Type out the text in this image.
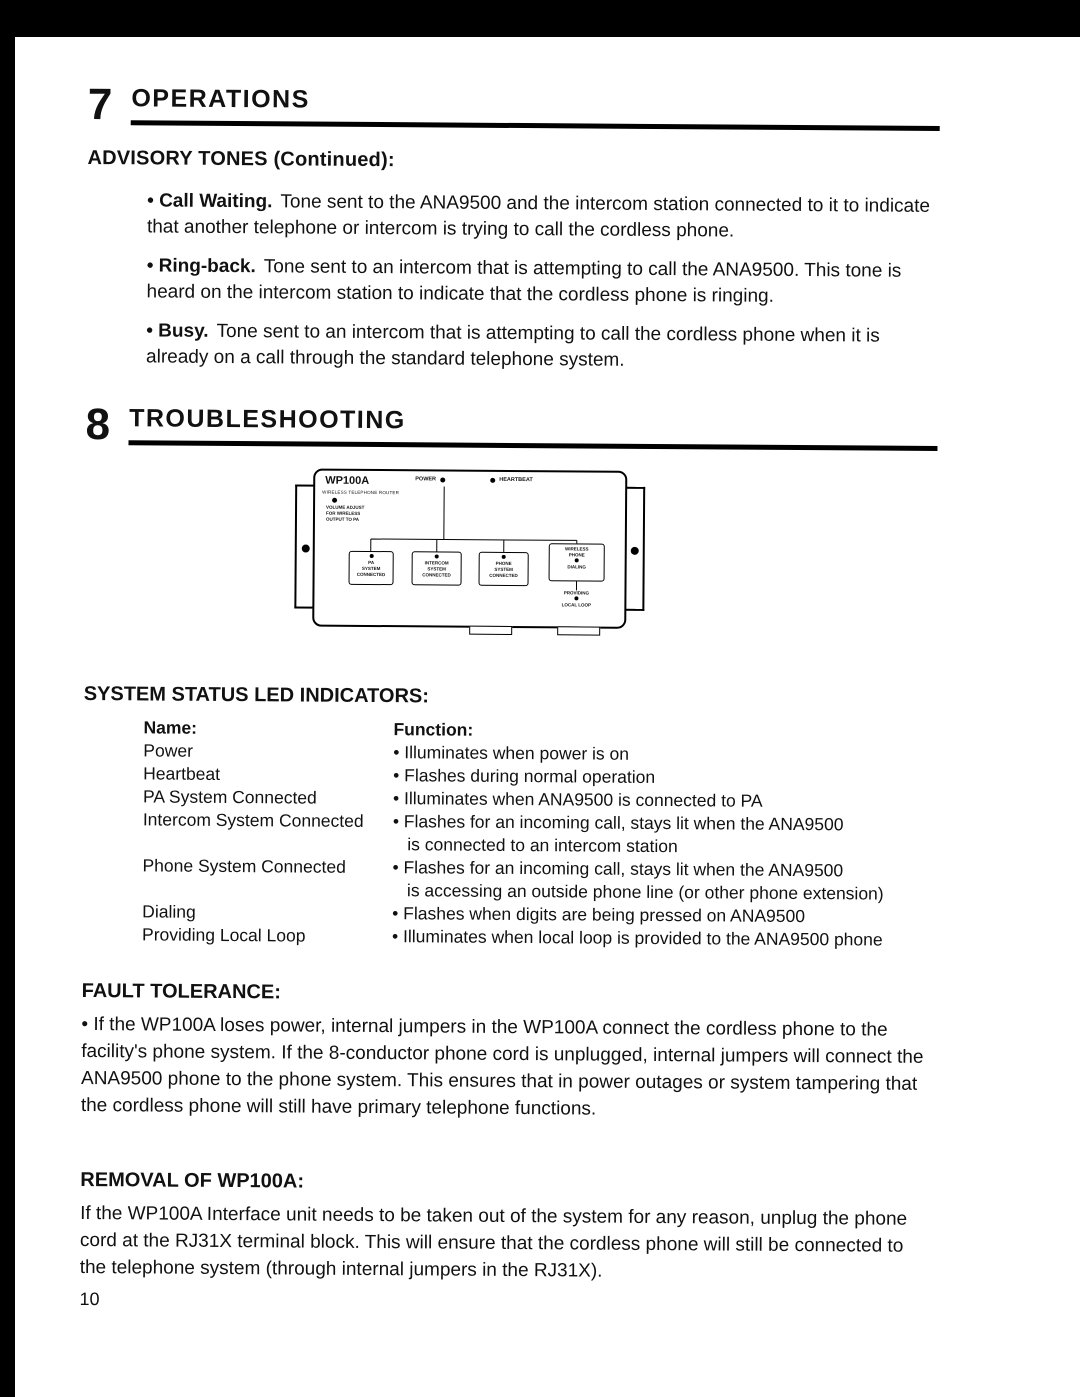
7 OPERATIONS
ADVISORY TONES (Continued):
• Call Waiting. Tone sent to the ANA9500 and the intercom station connected to it to indicate that another telephone or intercom is trying to call the cordless phone.
• Ring-back. Tone sent to an intercom that is attempting to call the ANA9500. This tone is heard on the intercom station to indicate that the cordless phone is ringing.
• Busy. Tone sent to an intercom that is attempting to call the cordless phone when it is already on a call through the standard telephone system.
8 TROUBLESHOOTING
WP100A
WIRELESS TELEPHONE ROUTER
VOLUME ADJUST
FOR WIRELESS
OUTPUT TO PA
POWER	HEARTBEAT
PA
SYSTEM
CONNECTED
INTERCOM
SYSTEM
CONNECTED
PHONE
SYSTEM
CONNECTED
WIRELESS
PHONE
DIALING
PROVIDING
LOCAL LOOP
SYSTEM STATUS LED INDICATORS:
Name:	Function:
Power	• Illuminates when power is on
Heartbeat	• Flashes during normal operation
PA System Connected	• Illuminates when ANA9500 is connected to PA
Intercom System Connected	• Flashes for an incoming call, stays lit when the ANA9500
is connected to an intercom station
Phone System Connected	• Flashes for an incoming call, stays lit when the ANA9500
is accessing an outside phone line (or other phone extension)
Dialing	• Flashes when digits are being pressed on ANA9500
Providing Local Loop	• Illuminates when local loop is provided to the ANA9500 phone
FAULT TOLERANCE:
• If the WP100A loses power, internal jumpers in the WP100A connect the cordless phone to the facility's phone system. If the 8-conductor phone cord is unplugged, internal jumpers will connect the ANA9500 phone to the phone system. This ensures that in power outages or system tampering that the cordless phone will still have primary telephone functions.
REMOVAL OF WP100A:
If the WP100A Interface unit needs to be taken out of the system for any reason, unplug the phone cord at the RJ31X terminal block. This will ensure that the cordless phone will still be connected to the telephone system (through internal jumpers in the RJ31X).
10
